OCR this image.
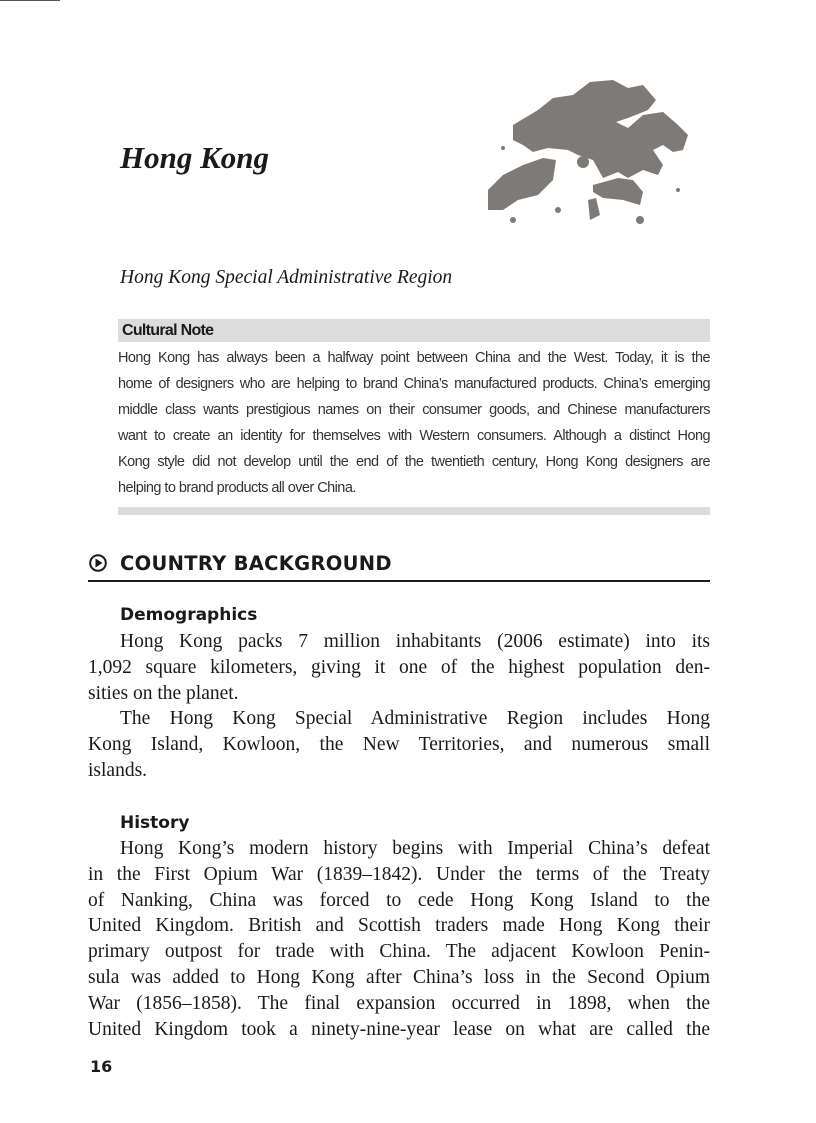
Hong Kong
Hong Kong Special Administrative Region
Cultural Note
Hong Kong has always been a halfway point between China and the West. Today, it is the
home of designers who are helping to brand China’s manufactured products. China’s emerging
middle class wants prestigious names on their consumer goods, and Chinese manufacturers
want to create an identity for themselves with Western consumers. Although a distinct Hong
Kong style did not develop until the end of the twentieth century, Hong Kong designers are
helping to brand products all over China.
COUNTRY BACKGROUND
Demographics
Hong Kong packs 7 million inhabitants (2006 estimate) into its
1,092 square kilometers, giving it one of the highest population den-
sities on the planet.
The Hong Kong Special Administrative Region includes Hong
Kong Island, Kowloon, the New Territories, and numerous small
islands.
History
Hong Kong’s modern history begins with Imperial China’s defeat
in the First Opium War (1839–1842). Under the terms of the Treaty
of Nanking, China was forced to cede Hong Kong Island to the
United Kingdom. British and Scottish traders made Hong Kong their
primary outpost for trade with China. The adjacent Kowloon Penin-
sula was added to Hong Kong after China’s loss in the Second Opium
War (1856–1858). The final expansion occurred in 1898, when the
United Kingdom took a ninety-nine-year lease on what are called the
16
